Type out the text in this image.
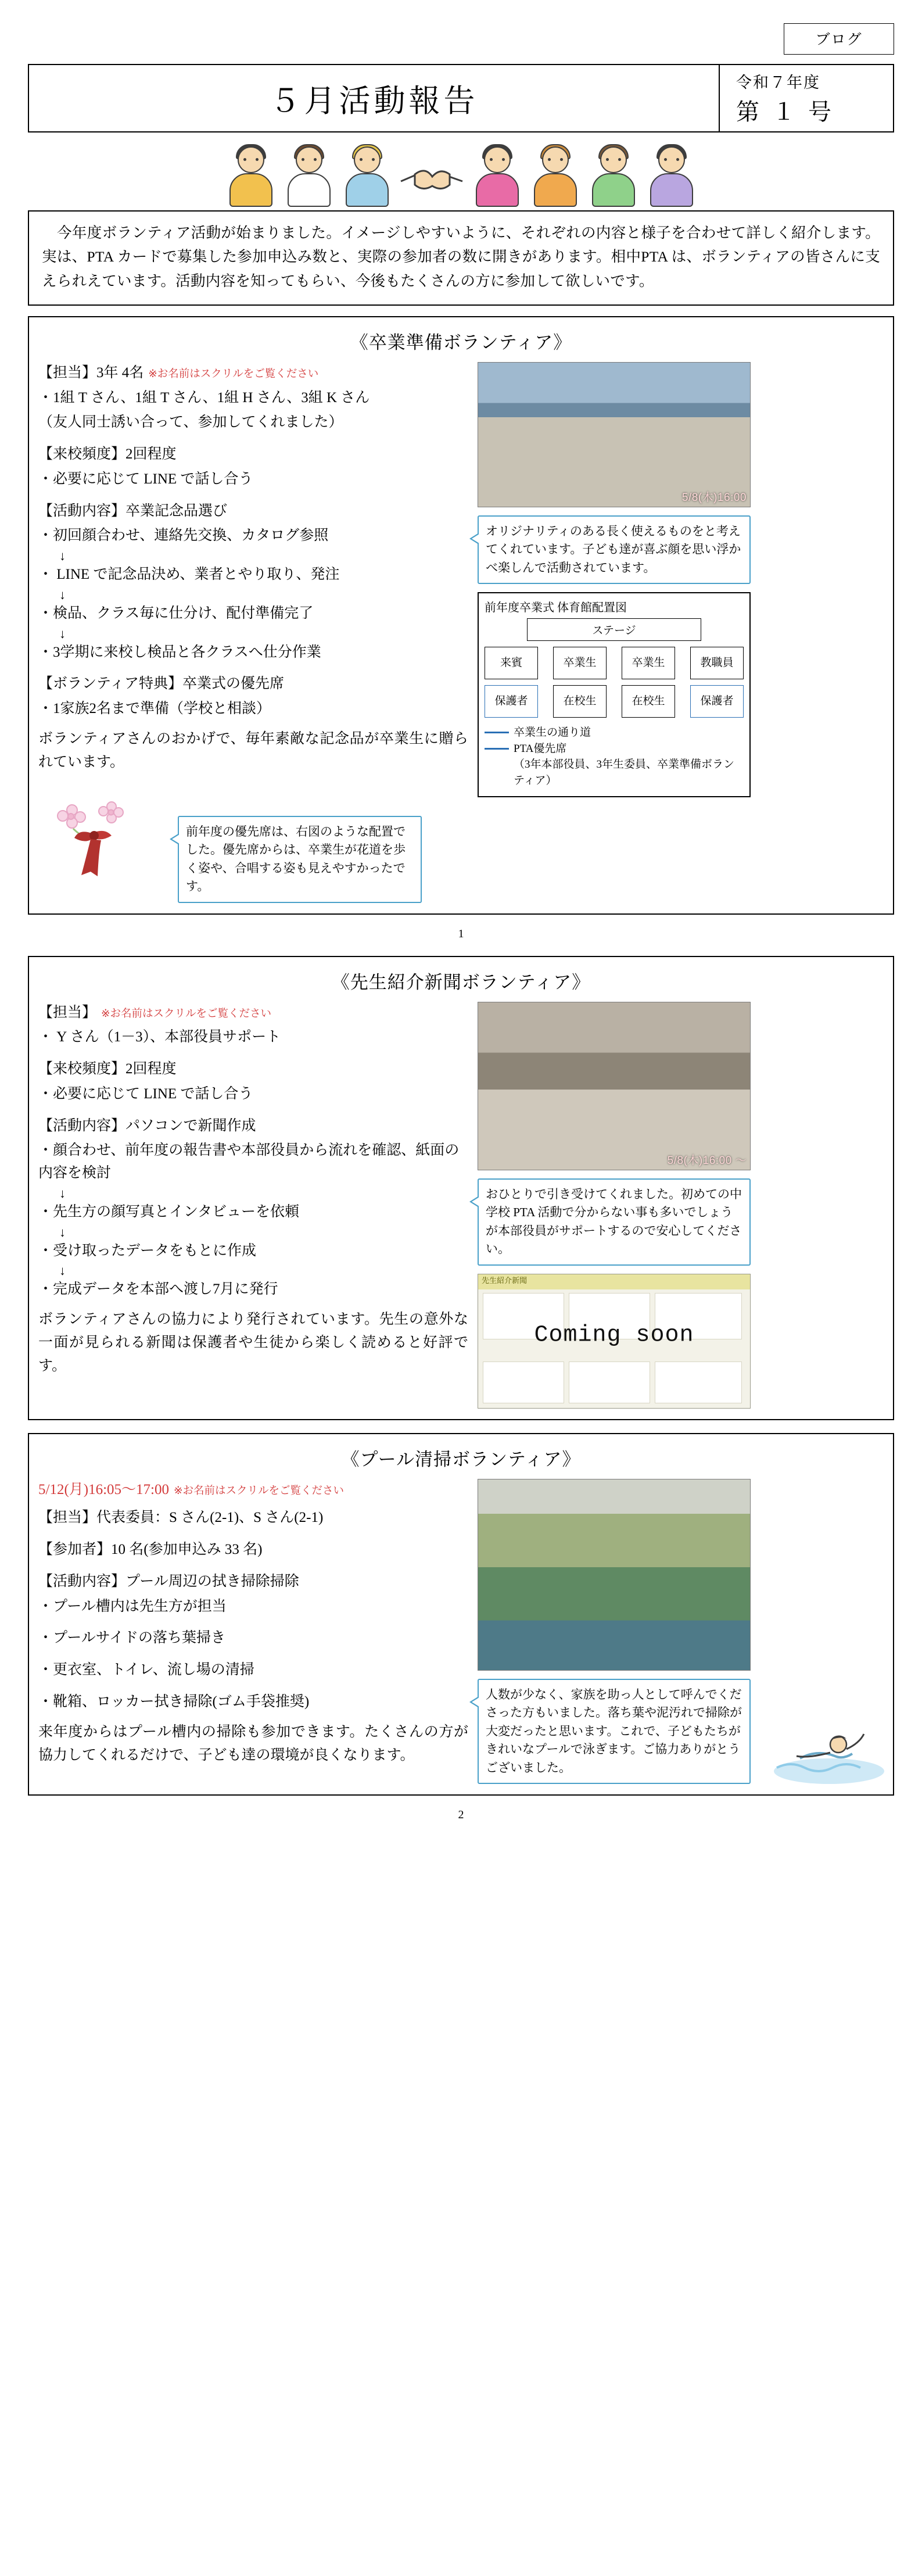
ブログ
５月活動報告
令和７年度
第 １ 号

今年度ボランティア活動が始まりました。イメージしやすいように、それぞれの内容と様子を合わせて詳しく紹介します。実は、PTA カードで募集した参加申込み数と、実際の参加者の数に開きがあります。相中PTA は、ボランティアの皆さんに支えられえています。活動内容を知ってもらい、今後もたくさんの方に参加して欲しいです。

《卒業準備ボランティア》

【担当】3年 4名 ※お名前はスクリルをご覧ください

・1組 T さん、1組 T さん、1組 H さん、3組 K さん

（友人同士誘い合って、参加してくれました）

【来校頻度】2回程度

・必要に応じて LINE で話し合う

【活動内容】卒業記念品選び

・初回顔合わせ、連絡先交換、カタログ参照

↓

・ LINE で記念品決め、業者とやり取り、発注

↓

・検品、クラス毎に仕分け、配付準備完了

↓

・3学期に来校し検品と各クラスへ仕分作業

【ボランティア特典】卒業式の優先席

・1家族2名まで準備（学校と相談）

ボランティアさんのおかげで、毎年素敵な記念品が卒業生に贈られています。

5/8(木)16:00
オリジナリティのある長く使えるものをと考えてくれています。子ども達が喜ぶ顔を思い浮かべ楽しんで活動されています。
前年度卒業式 体育館配置図
ステージ
来賓	卒業生	卒業生	教職員
保護者	在校生	在校生	保護者
卒業生の通り道
PTA優先席
（3年本部役員、3年生委員、卒業準備ボランティア）
前年度の優先席は、右図のような配置でした。優先席からは、卒業生が花道を歩く姿や、合唱する姿も見えやすかったです。
1
《先生紹介新聞ボランティア》

【担当】 ※お名前はスクリルをご覧ください

・ Y さん（1－3）、本部役員サポート

【来校頻度】2回程度

・必要に応じて LINE で話し合う

【活動内容】パソコンで新聞作成

・顔合わせ、前年度の報告書や本部役員から流れを確認、紙面の内容を検討

↓

・先生方の顔写真とインタビューを依頼

↓

・受け取ったデータをもとに作成

↓

・完成データを本部へ渡し7月に発行

ボランティアさんの協力により発行されています。先生の意外な一面が見られる新聞は保護者や生徒から楽しく読めると好評です。

5/8(木)16:00 ～
おひとりで引き受けてくれました。初めての中学校 PTA 活動で分からない事も多いでしょうが本部役員がサポートするので安心してください。
先生紹介新聞
Coming soon
《プール清掃ボランティア》

5/12(月)16:05～17:00 ※お名前はスクリルをご覧ください

【担当】代表委員：S さん(2-1)、S さん(2-1)

【参加者】10 名(参加申込み 33 名)

【活動内容】プール周辺の拭き掃除掃除

・プール槽内は先生方が担当

・プールサイドの落ち葉掃き

・更衣室、トイレ、流し場の清掃

・靴箱、ロッカー拭き掃除(ゴム手袋推奨)

来年度からはプール槽内の掃除も参加できます。たくさんの方が協力してくれるだけで、子ども達の環境が良くなります。

人数が少なく、家族を助っ人として呼んでくださった方もいました。落ち葉や泥汚れで掃除が大変だったと思います。これで、子どもたちがきれいなプールで泳ぎます。ご協力ありがとうございました。
2
